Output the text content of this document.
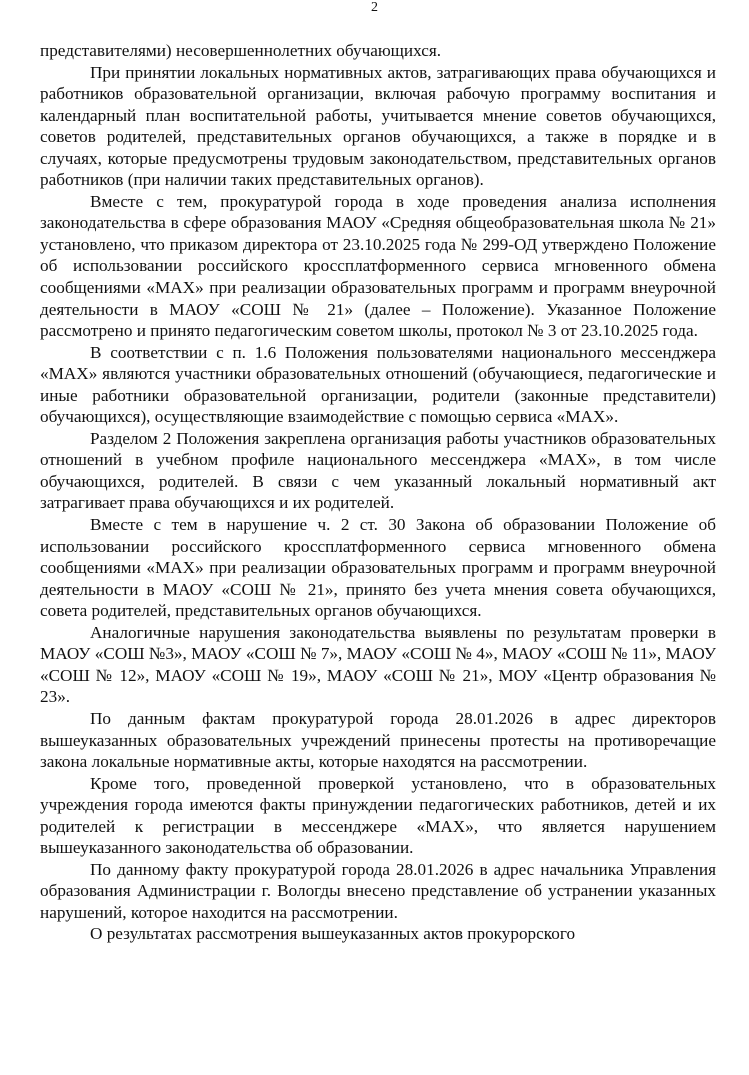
2

представителями) несовершеннолетних обучающихся.

При принятии локальных нормативных актов, затрагивающих права обучающихся и работников образовательной организации, включая рабочую программу воспитания и календарный план воспитательной работы, учитывается мнение советов обучающихся, советов родителей, представительных органов обучающихся, а также в порядке и в случаях, которые предусмотрены трудовым законодательством, представительных органов работников (при наличии таких представительных органов).

Вместе с тем, прокуратурой города в ходе проведения анализа исполнения законодательства в сфере образования МАОУ «Средняя общеобразовательная школа № 21» установлено, что приказом директора от 23.10.2025 года № 299-ОД утверждено Положение об использовании российского кроссплатформенного сервиса мгновенного обмена сообщениями «МАХ» при реализации образовательных программ и программ внеурочной деятельности в МАОУ «СОШ № 21» (далее – Положение). Указанное Положение рассмотрено и принято педагогическим советом школы, протокол № 3 от 23.10.2025 года.

В соответствии с п. 1.6 Положения пользователями национального мессенджера «МАХ» являются участники образовательных отношений (обучающиеся, педагогические и иные работники образовательной организации, родители (законные представители) обучающихся), осуществляющие взаимодействие с помощью сервиса «МАХ».

Разделом 2 Положения закреплена организация работы участников образовательных отношений в учебном профиле национального мессенджера «МАХ», в том числе обучающихся, родителей. В связи с чем указанный локальный нормативный акт затрагивает права обучающихся и их родителей.

Вместе с тем в нарушение ч. 2 ст. 30 Закона об образовании Положение об использовании российского кроссплатформенного сервиса мгновенного обмена сообщениями «МАХ» при реализации образовательных программ и программ внеурочной деятельности в МАОУ «СОШ № 21», принято без учета мнения совета обучающихся, совета родителей, представительных органов обучающихся.

Аналогичные нарушения законодательства выявлены по результатам проверки в МАОУ «СОШ №3», МАОУ «СОШ № 7», МАОУ «СОШ № 4», МАОУ «СОШ № 11», МАОУ «СОШ № 12», МАОУ «СОШ № 19», МАОУ «СОШ № 21», МОУ «Центр образования № 23».

По данным фактам прокуратурой города 28.01.2026 в адрес директоров вышеуказанных образовательных учреждений принесены протесты на противоречащие закона локальные нормативные акты, которые находятся на рассмотрении.

Кроме того, проведенной проверкой установлено, что в образовательных учреждения города имеются факты принуждении педагогических работников, детей и их родителей к регистрации в мессенджере «МАХ», что является нарушением вышеуказанного законодательства об образовании.

По данному факту прокуратурой города 28.01.2026 в адрес начальника Управления образования Администрации г. Вологды внесено представление об устранении указанных нарушений, которое находится на рассмотрении.

О результатах рассмотрения вышеуказанных актов прокурорского
